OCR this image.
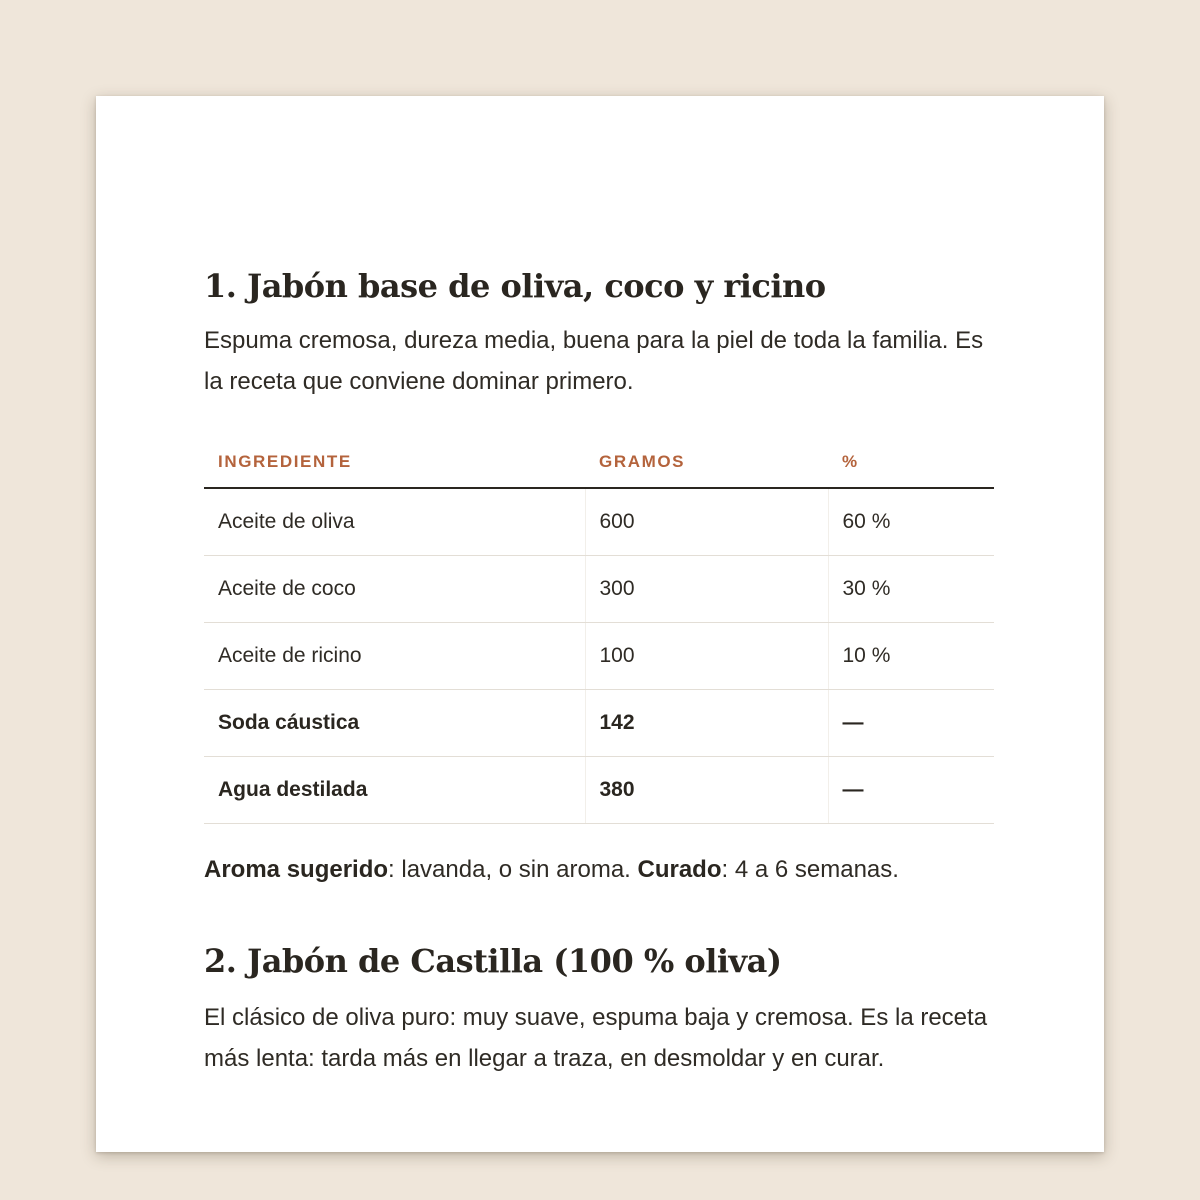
1. Jabón base de oliva, coco y ricino

Espuma cremosa, dureza media, buena para la piel de toda la familia. Es la receta que conviene dominar primero.

INGREDIENTE	GRAMOS	%
Aceite de oliva	600	60 %
Aceite de coco	300	30 %
Aceite de ricino	100	10 %
Soda cáustica	142	—
Agua destilada	380	—

Aroma sugerido: lavanda, o sin aroma. Curado: 4 a 6 semanas.

2. Jabón de Castilla (100 % oliva)

El clásico de oliva puro: muy suave, espuma baja y cremosa. Es la receta más lenta: tarda más en llegar a traza, en desmoldar y en curar.
